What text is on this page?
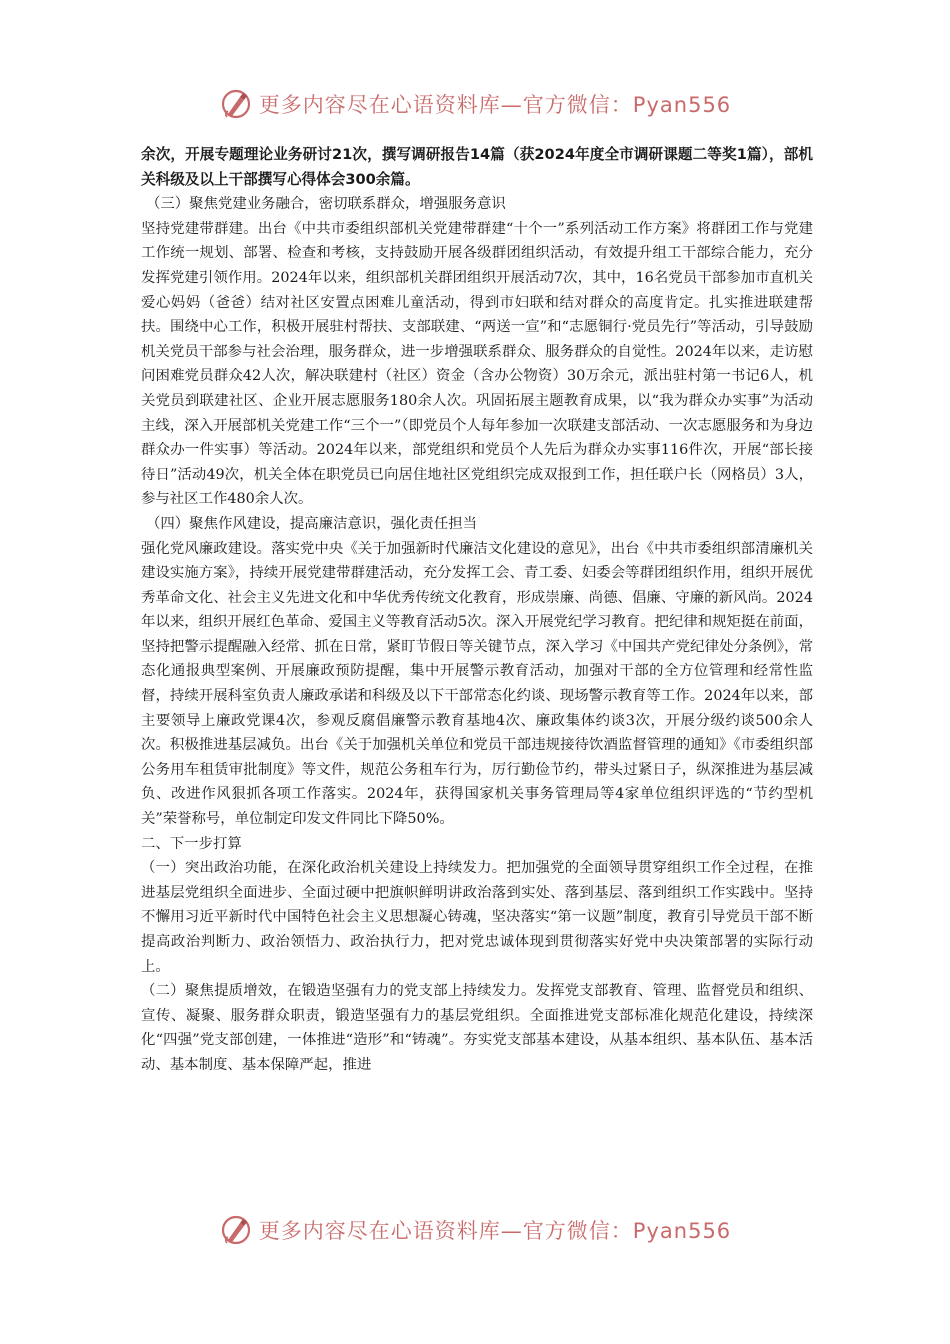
更多内容尽在心语资料库—官方微信：Pyan556

余次，开展专题理论业务研讨21次，撰写调研报告14篇（获2024年度全市调研课题二等奖1篇），部机关科级及以上干部撰写心得体会300余篇。

（三）聚焦党建业务融合，密切联系群众，增强服务意识

坚持党建带群建。出台《中共市委组织部机关党建带群建“十个一”系列活动工作方案》将群团工作与党建工作统一规划、部署、检查和考核，支持鼓励开展各级群团组织活动，有效提升组工干部综合能力，充分发挥党建引领作用。2024年以来，组织部机关群团组织开展活动7次，其中，16名党员干部参加市直机关爱心妈妈（爸爸）结对社区安置点困难儿童活动，得到市妇联和结对群众的高度肯定。扎实推进联建帮扶。围绕中心工作，积极开展驻村帮扶、支部联建、“两送一宣”和“志愿铜行·党员先行”等活动，引导鼓励机关党员干部参与社会治理，服务群众，进一步增强联系群众、服务群众的自觉性。2024年以来，走访慰问困难党员群众42人次，解决联建村（社区）资金（含办公物资）30万余元，派出驻村第一书记6人，机关党员到联建社区、企业开展志愿服务180余人次。巩固拓展主题教育成果，以“我为群众办实事”为活动主线，深入开展部机关党建工作“三个一”（即党员个人每年参加一次联建支部活动、一次志愿服务和为身边群众办一件实事）等活动。2024年以来，部党组织和党员个人先后为群众办实事116件次，开展“部长接待日”活动49次，机关全体在职党员已向居住地社区党组织完成双报到工作，担任联户长（网格员）3人，参与社区工作480余人次。

（四）聚焦作风建设，提高廉洁意识，强化责任担当

强化党风廉政建设。落实党中央《关于加强新时代廉洁文化建设的意见》，出台《中共市委组织部清廉机关建设实施方案》，持续开展党建带群建活动，充分发挥工会、青工委、妇委会等群团组织作用，组织开展优秀革命文化、社会主义先进文化和中华优秀传统文化教育，形成崇廉、尚德、倡廉、守廉的新风尚。2024年以来，组织开展红色革命、爱国主义等教育活动5次。深入开展党纪学习教育。把纪律和规矩挺在前面，坚持把警示提醒融入经常、抓在日常，紧盯节假日等关键节点，深入学习《中国共产党纪律处分条例》，常态化通报典型案例、开展廉政预防提醒，集中开展警示教育活动，加强对干部的全方位管理和经常性监督，持续开展科室负责人廉政承诺和科级及以下干部常态化约谈、现场警示教育等工作。2024年以来，部主要领导上廉政党课4次，参观反腐倡廉警示教育基地4次、廉政集体约谈3次，开展分级约谈500余人次。积极推进基层减负。出台《关于加强机关单位和党员干部违规接待饮酒监督管理的通知》《市委组织部公务用车租赁审批制度》等文件，规范公务租车行为，厉行勤俭节约，带头过紧日子，纵深推进为基层减负、改进作风狠抓各项工作落实。2024年，获得国家机关事务管理局等4家单位组织评选的“节约型机关”荣誉称号，单位制定印发文件同比下降50%。

二、下一步打算

（一）突出政治功能，在深化政治机关建设上持续发力。把加强党的全面领导贯穿组织工作全过程，在推进基层党组织全面进步、全面过硬中把旗帜鲜明讲政治落到实处、落到基层、落到组织工作实践中。坚持不懈用习近平新时代中国特色社会主义思想凝心铸魂，坚决落实“第一议题”制度，教育引导党员干部不断提高政治判断力、政治领悟力、政治执行力，把对党忠诚体现到贯彻落实好党中央决策部署的实际行动上。

（二）聚焦提质增效，在锻造坚强有力的党支部上持续发力。发挥党支部教育、管理、监督党员和组织、宣传、凝聚、服务群众职责，锻造坚强有力的基层党组织。全面推进党支部标准化规范化建设，持续深化“四强”党支部创建，一体推进“造形”和“铸魂”。夯实党支部基本建设，从基本组织、基本队伍、基本活动、基本制度、基本保障严起，推进

更多内容尽在心语资料库—官方微信：Pyan556
